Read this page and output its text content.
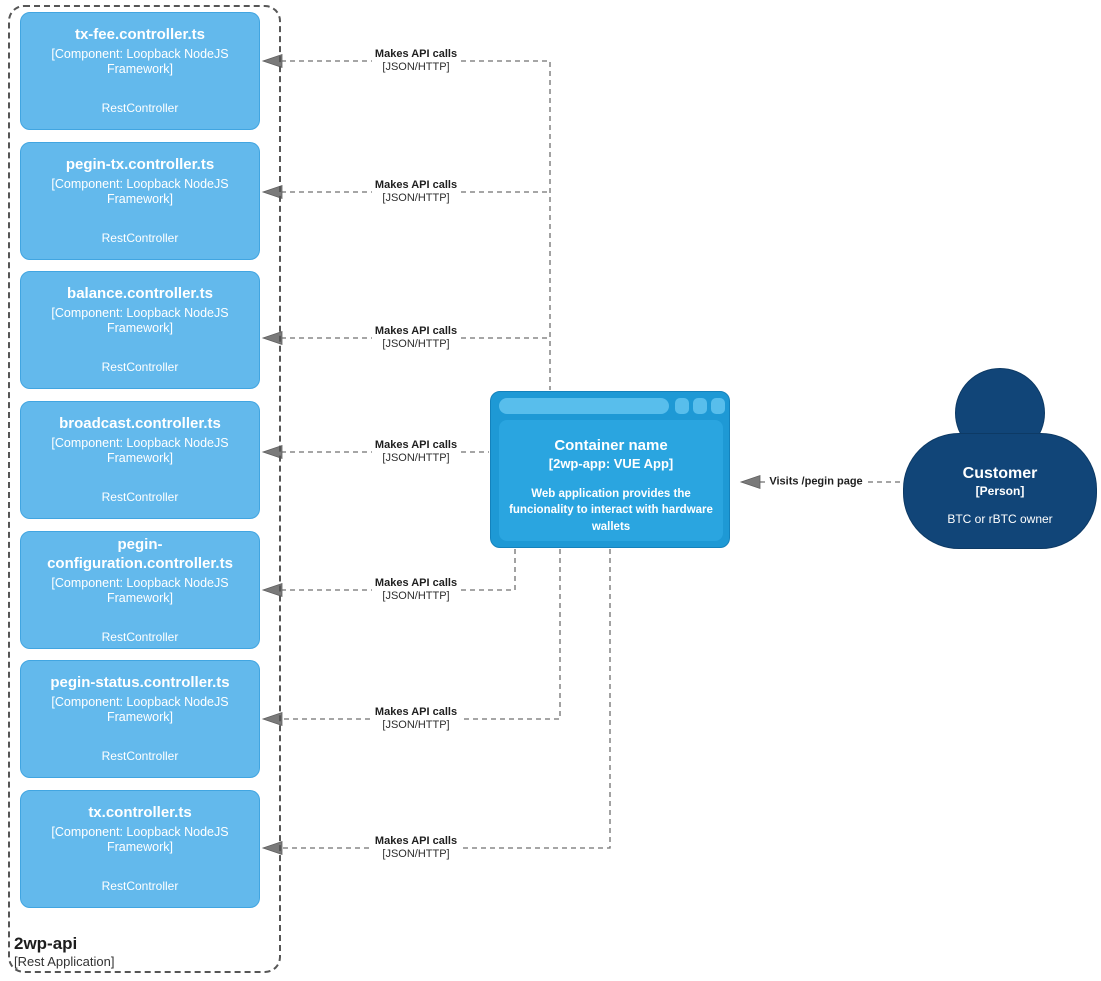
2wp-api
[Rest Application]
tx-fee.controller.ts
[Component: Loopback NodeJS Framework]
RestController
pegin-tx.controller.ts
[Component: Loopback NodeJS Framework]
RestController
balance.controller.ts
[Component: Loopback NodeJS Framework]
RestController
broadcast.controller.ts
[Component: Loopback NodeJS Framework]
RestController
pegin-configuration.controller.ts
[Component: Loopback NodeJS Framework]
RestController
pegin-status.controller.ts
[Component: Loopback NodeJS Framework]
RestController
tx.controller.ts
[Component: Loopback NodeJS Framework]
RestController
Container name
[2wp-app: VUE App]
Web application provides the funcionality to interact with hardware wallets
Customer
[Person]
BTC or rBTC owner
Makes API calls
[JSON/HTTP]
Makes API calls
[JSON/HTTP]
Makes API calls
[JSON/HTTP]
Makes API calls
[JSON/HTTP]
Makes API calls
[JSON/HTTP]
Makes API calls
[JSON/HTTP]
Makes API calls
[JSON/HTTP]
Visits /pegin page
